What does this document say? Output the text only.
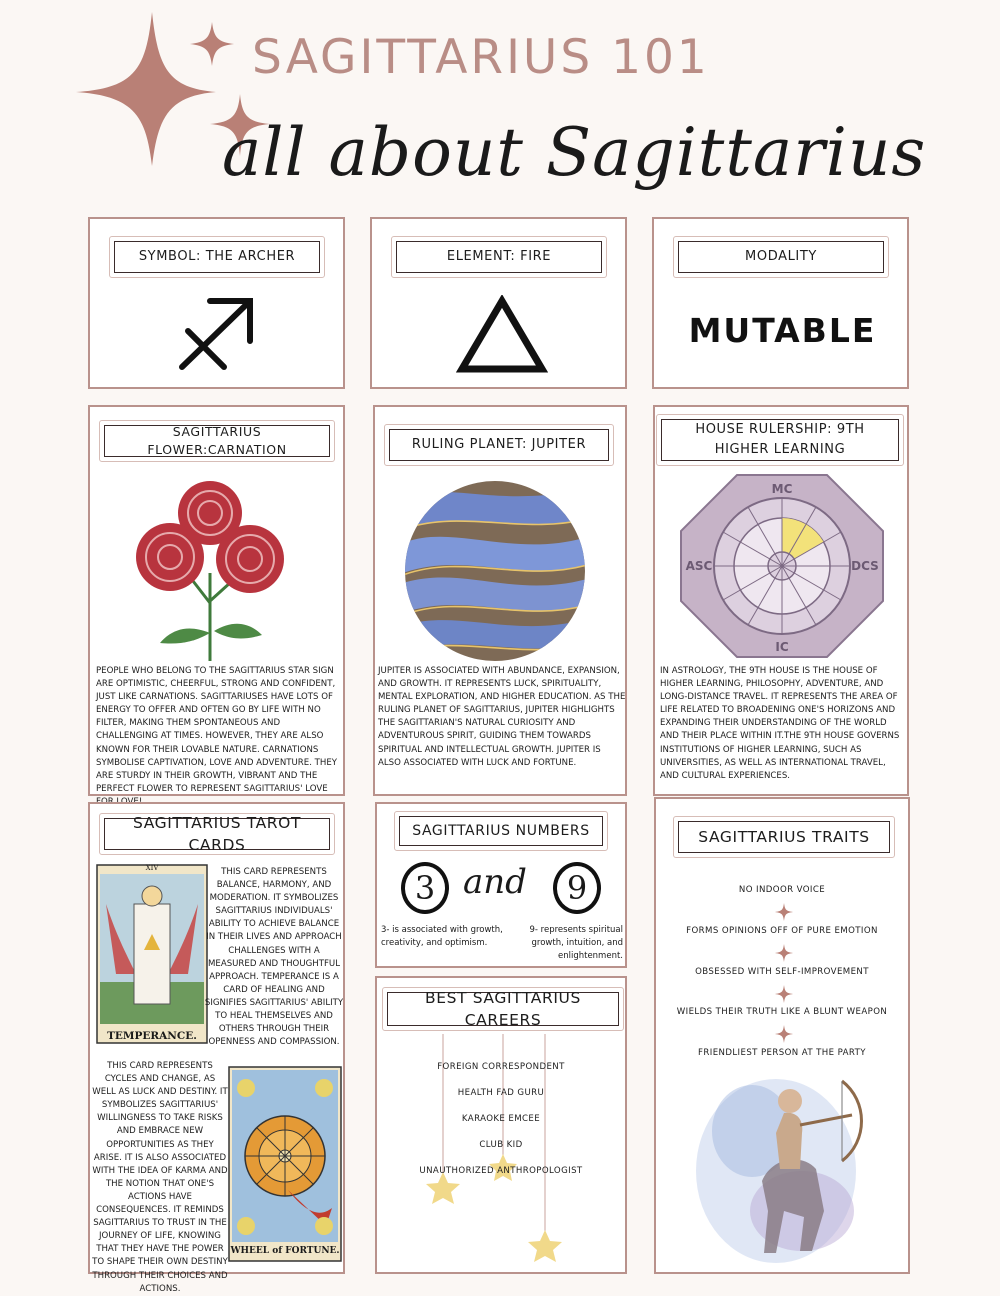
SAGITTARIUS 101
all about Sagittarius
SYMBOL: THE ARCHER	ELEMENT: FIRE	MODALITY
MUTABLE
SAGITTARIUS FLOWER:CARNATION
PEOPLE WHO BELONG TO THE SAGITTARIUS STAR SIGN ARE OPTIMISTIC, CHEERFUL, STRONG AND CONFIDENT, JUST LIKE CARNATIONS. SAGITTARIUSES HAVE LOTS OF ENERGY TO OFFER AND OFTEN GO BY LIFE WITH NO FILTER, MAKING THEM SPONTANEOUS AND CHALLENGING AT TIMES. HOWEVER, THEY ARE ALSO KNOWN FOR THEIR LOVABLE NATURE. CARNATIONS SYMBOLISE CAPTIVATION, LOVE AND ADVENTURE. THEY ARE STURDY IN THEIR GROWTH, VIBRANT AND THE PERFECT FLOWER TO REPRESENT SAGITTARIUS' LOVE
RULING PLANET: JUPITER
JUPITER IS ASSOCIATED WITH ABUNDANCE, EXPANSION, AND GROWTH. IT REPRESENTS LUCK, SPIRITUALITY, MENTAL EXPLORATION, AND HIGHER EDUCATION. AS THE RULING PLANET OF SAGITTARIUS, JUPITER HIGHLIGHTS THE SAGITTARIAN'S NATURAL CURIOSITY AND ADVENTUROUS SPIRIT, GUIDING THEM TOWARDS SPIRITUAL AND INTELLECTUAL GROWTH. JUPITER IS ALSO ASSOCIATED WITH LUCK AND FORTUNE.
HOUSE RULERSHIP: 9TH
HIGHER LEARNING
MC
IC
ASC	DCS
IN ASTROLOGY, THE 9TH HOUSE IS THE HOUSE OF HIGHER LEARNING, PHILOSOPHY, ADVENTURE, AND LONG-DISTANCE TRAVEL. IT REPRESENTS THE AREA OF LIFE RELATED TO BROADENING ONE'S HORIZONS AND EXPANDING THEIR UNDERSTANDING OF THE WORLD AND THEIR PLACE WITHIN IT.THE 9TH HOUSE GOVERNS INSTITUTIONS OF HIGHER LEARNING, SUCH AS UNIVERSITIES, AS WELL AS INTERNATIONAL TRAVEL, AND CULTURAL EXPERIENCES.
SAGITTARIUS TAROT CARDS
XIV
TEMPERANCE.
THIS CARD REPRESENTS BALANCE, HARMONY, AND MODERATION. IT SYMBOLIZES SAGITTARIUS INDIVIDUALS' ABILITY TO ACHIEVE BALANCE IN THEIR LIVES AND APPROACH CHALLENGES WITH A MEASURED AND THOUGHTFUL APPROACH. TEMPERANCE IS A CARD OF HEALING AND SIGNIFIES SAGITTARIUS' ABILITY TO HEAL THEMSELVES AND OTHERS THROUGH THEIR OPENNESS AND COMPASSION.
THIS CARD REPRESENTS CYCLES AND CHANGE, AS WELL AS LUCK AND DESTINY. IT SYMBOLIZES SAGITTARIUS' WILLINGNESS TO TAKE RISKS AND EMBRACE NEW OPPORTUNITIES AS THEY ARISE. IT IS ALSO ASSOCIATED WITH THE IDEA OF KARMA AND THE NOTION THAT ONE'S ACTIONS HAVE CONSEQUENCES. IT REMINDS SAGITTARIUS TO TRUST IN THE JOURNEY OF LIFE, KNOWING THAT THEY HAVE THE POWER TO SHAPE THEIR OWN DESTINY THROUGH THEIR CHOICES AND ACTIONS.
WHEEL of FORTUNE.
SAGITTARIUS NUMBERS
3 and	9
3- is associated with growth, creativity, and optimism.
9- represents spiritual growth, intuition, and enlightenment.
BEST SAGITTARIUS CAREERS
FOREIGN CORRESPONDENT
HEALTH FAD GURU
KARAOKE EMCEE
CLUB KID
UNAUTHORIZED ANTHROPOLOGIST
SAGITTARIUS TRAITS
NO INDOOR VOICE
FORMS OPINIONS OFF OF PURE EMOTION
OBSESSED WITH SELF-IMPROVEMENT
WIELDS THEIR TRUTH LIKE A BLUNT WEAPON
FRIENDLIEST PERSON AT THE PARTY
